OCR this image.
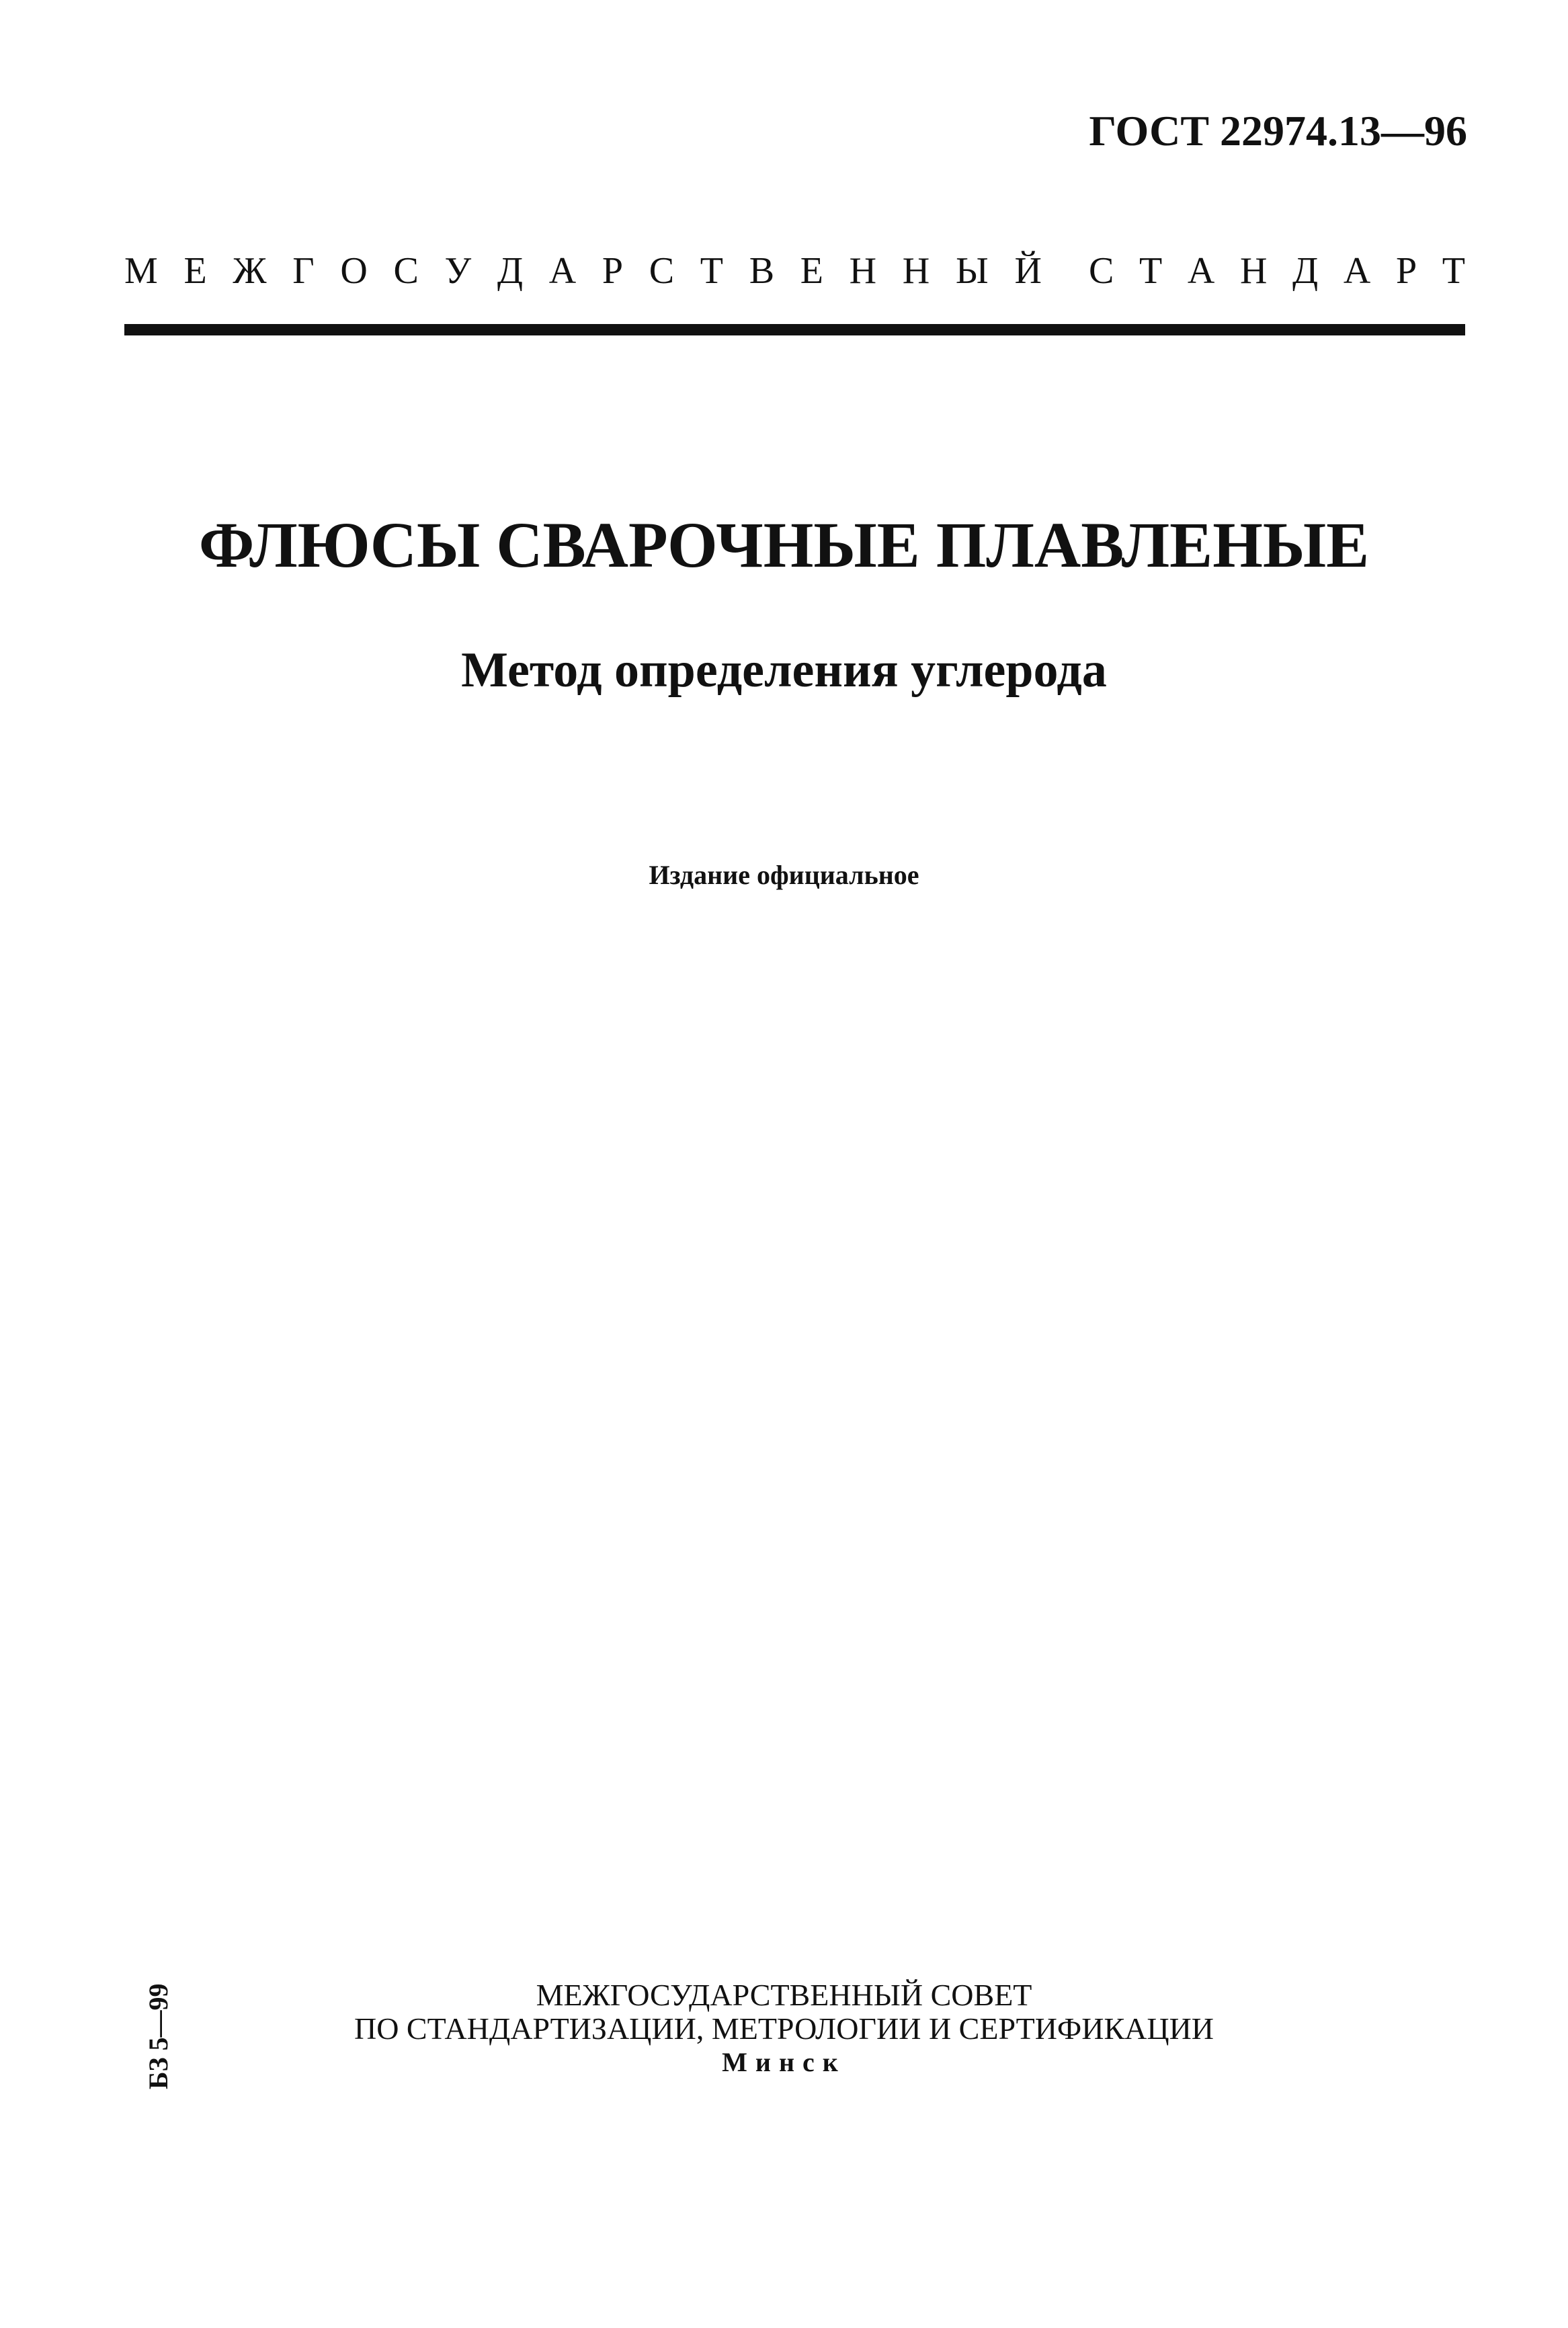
ГОСТ 22974.13—96
М Е Ж Г О С У Д А Р С Т В Е Н Н Ы Й С Т А Н Д А Р Т
ФЛЮСЫ СВАРОЧНЫЕ ПЛАВЛЕНЫЕ
Метод определения углерода
Издание официальное
БЗ 5—99	МЕЖГОСУДАРСТВЕННЫЙ СОВЕТ
ПО СТАНДАРТИЗАЦИИ, МЕТРОЛОГИИ И СЕРТИФИКАЦИИ
Минск
